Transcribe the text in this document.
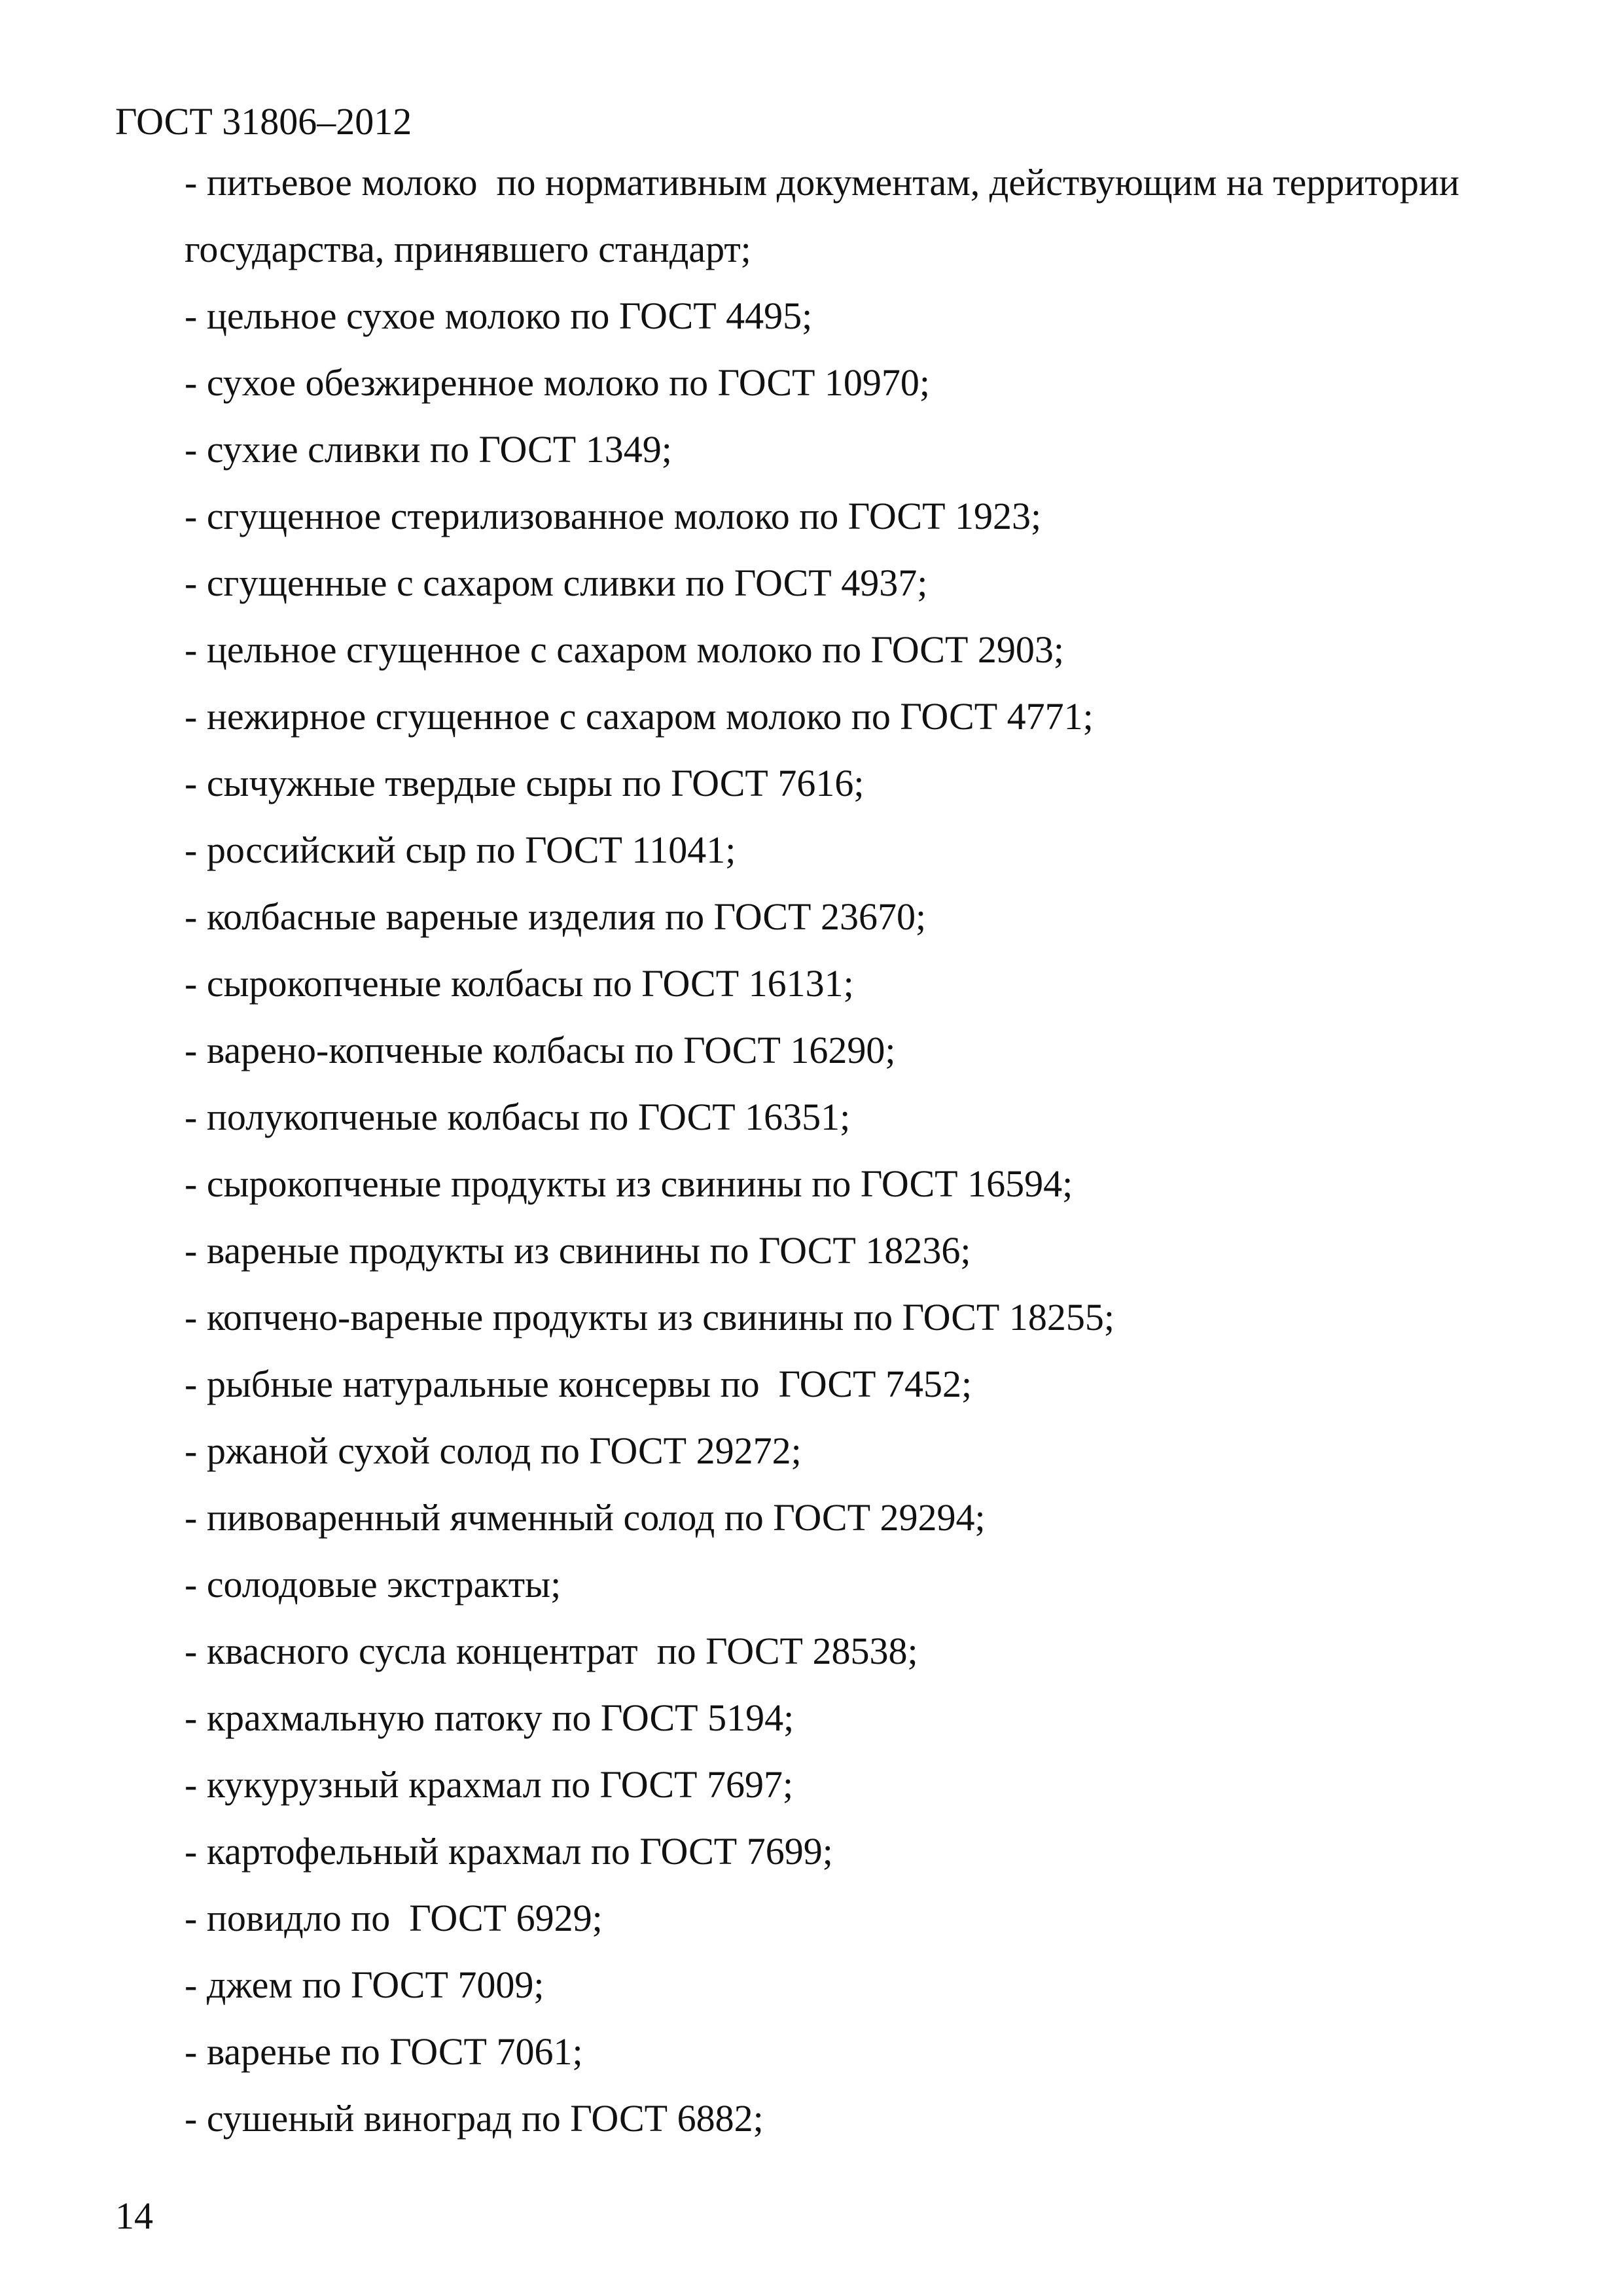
ГОСТ 31806–2012
- питьевое молоко  по нормативным документам, действующим на территории
государства, принявшего стандарт;
- цельное сухое молоко по ГОСТ 4495;
- сухое обезжиренное молоко по ГОСТ 10970;
- сухие сливки по ГОСТ 1349;
- сгущенное стерилизованное молоко по ГОСТ 1923;
- сгущенные с сахаром сливки по ГОСТ 4937;
- цельное сгущенное с сахаром молоко по ГОСТ 2903;
- нежирное сгущенное с сахаром молоко по ГОСТ 4771;
- сычужные твердые сыры по ГОСТ 7616;
- российский сыр по ГОСТ 11041;
- колбасные вареные изделия по ГОСТ 23670;
- сырокопченые колбасы по ГОСТ 16131;
- варено-копченые колбасы по ГОСТ 16290;
- полукопченые колбасы по ГОСТ 16351;
- сырокопченые продукты из свинины по ГОСТ 16594;
- вареные продукты из свинины по ГОСТ 18236;
- копчено-вареные продукты из свинины по ГОСТ 18255;
- рыбные натуральные консервы по  ГОСТ 7452;
- ржаной сухой солод по ГОСТ 29272;
- пивоваренный ячменный солод по ГОСТ 29294;
- солодовые экстракты;
- квасного сусла концентрат  по ГОСТ 28538;
- крахмальную патоку по ГОСТ 5194;
- кукурузный крахмал по ГОСТ 7697;
- картофельный крахмал по ГОСТ 7699;
- повидло по  ГОСТ 6929;
- джем по ГОСТ 7009;
- варенье по ГОСТ 7061;
- сушеный виноград по ГОСТ 6882;
14
